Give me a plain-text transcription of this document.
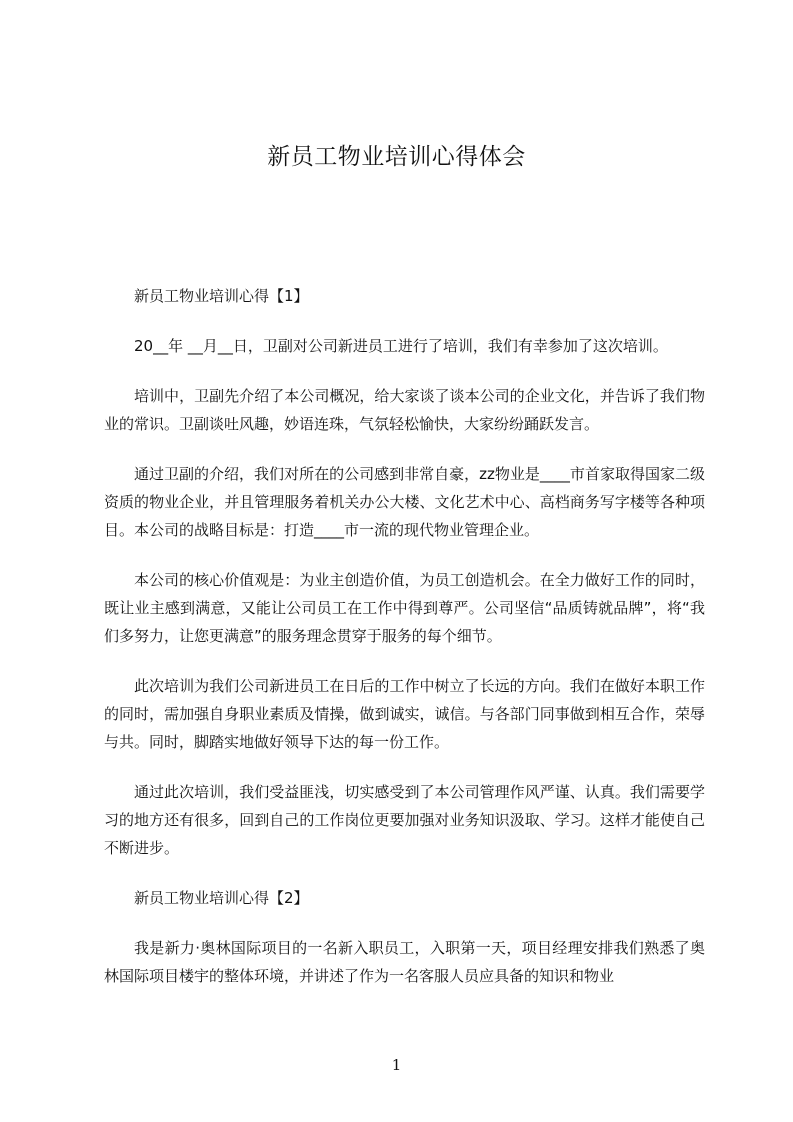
新员工物业培训心得体会

新员工物业培训心得【1】

20__年 __月__日，卫副对公司新进员工进行了培训，我们有幸参加了这次培训。

培训中，卫副先介绍了本公司概况，给大家谈了谈本公司的企业文化，并告诉了我们物业的常识。卫副谈吐风趣，妙语连珠，气氛轻松愉快，大家纷纷踊跃发言。

通过卫副的介绍，我们对所在的公司感到非常自豪，zz物业是____市首家取得国家二级资质的物业企业，并且管理服务着机关办公大楼、文化艺术中心、高档商务写字楼等各种项目。本公司的战略目标是：打造____市一流的现代物业管理企业。

本公司的核心价值观是：为业主创造价值，为员工创造机会。在全力做好工作的同时，既让业主感到满意，又能让公司员工在工作中得到尊严。公司坚信“品质铸就品牌”，将“我们多努力，让您更满意”的服务理念贯穿于服务的每个细节。

此次培训为我们公司新进员工在日后的工作中树立了长远的方向。我们在做好本职工作的同时，需加强自身职业素质及情操，做到诚实，诚信。与各部门同事做到相互合作，荣辱与共。同时，脚踏实地做好领导下达的每一份工作。

通过此次培训，我们受益匪浅，切实感受到了本公司管理作风严谨、认真。我们需要学习的地方还有很多，回到自己的工作岗位更要加强对业务知识汲取、学习。这样才能使自己不断进步。

新员工物业培训心得【2】

我是新力·奥林国际项目的一名新入职员工，入职第一天，项目经理安排我们熟悉了奥林国际项目楼宇的整体环境，并讲述了作为一名客服人员应具备的知识和物业

1
